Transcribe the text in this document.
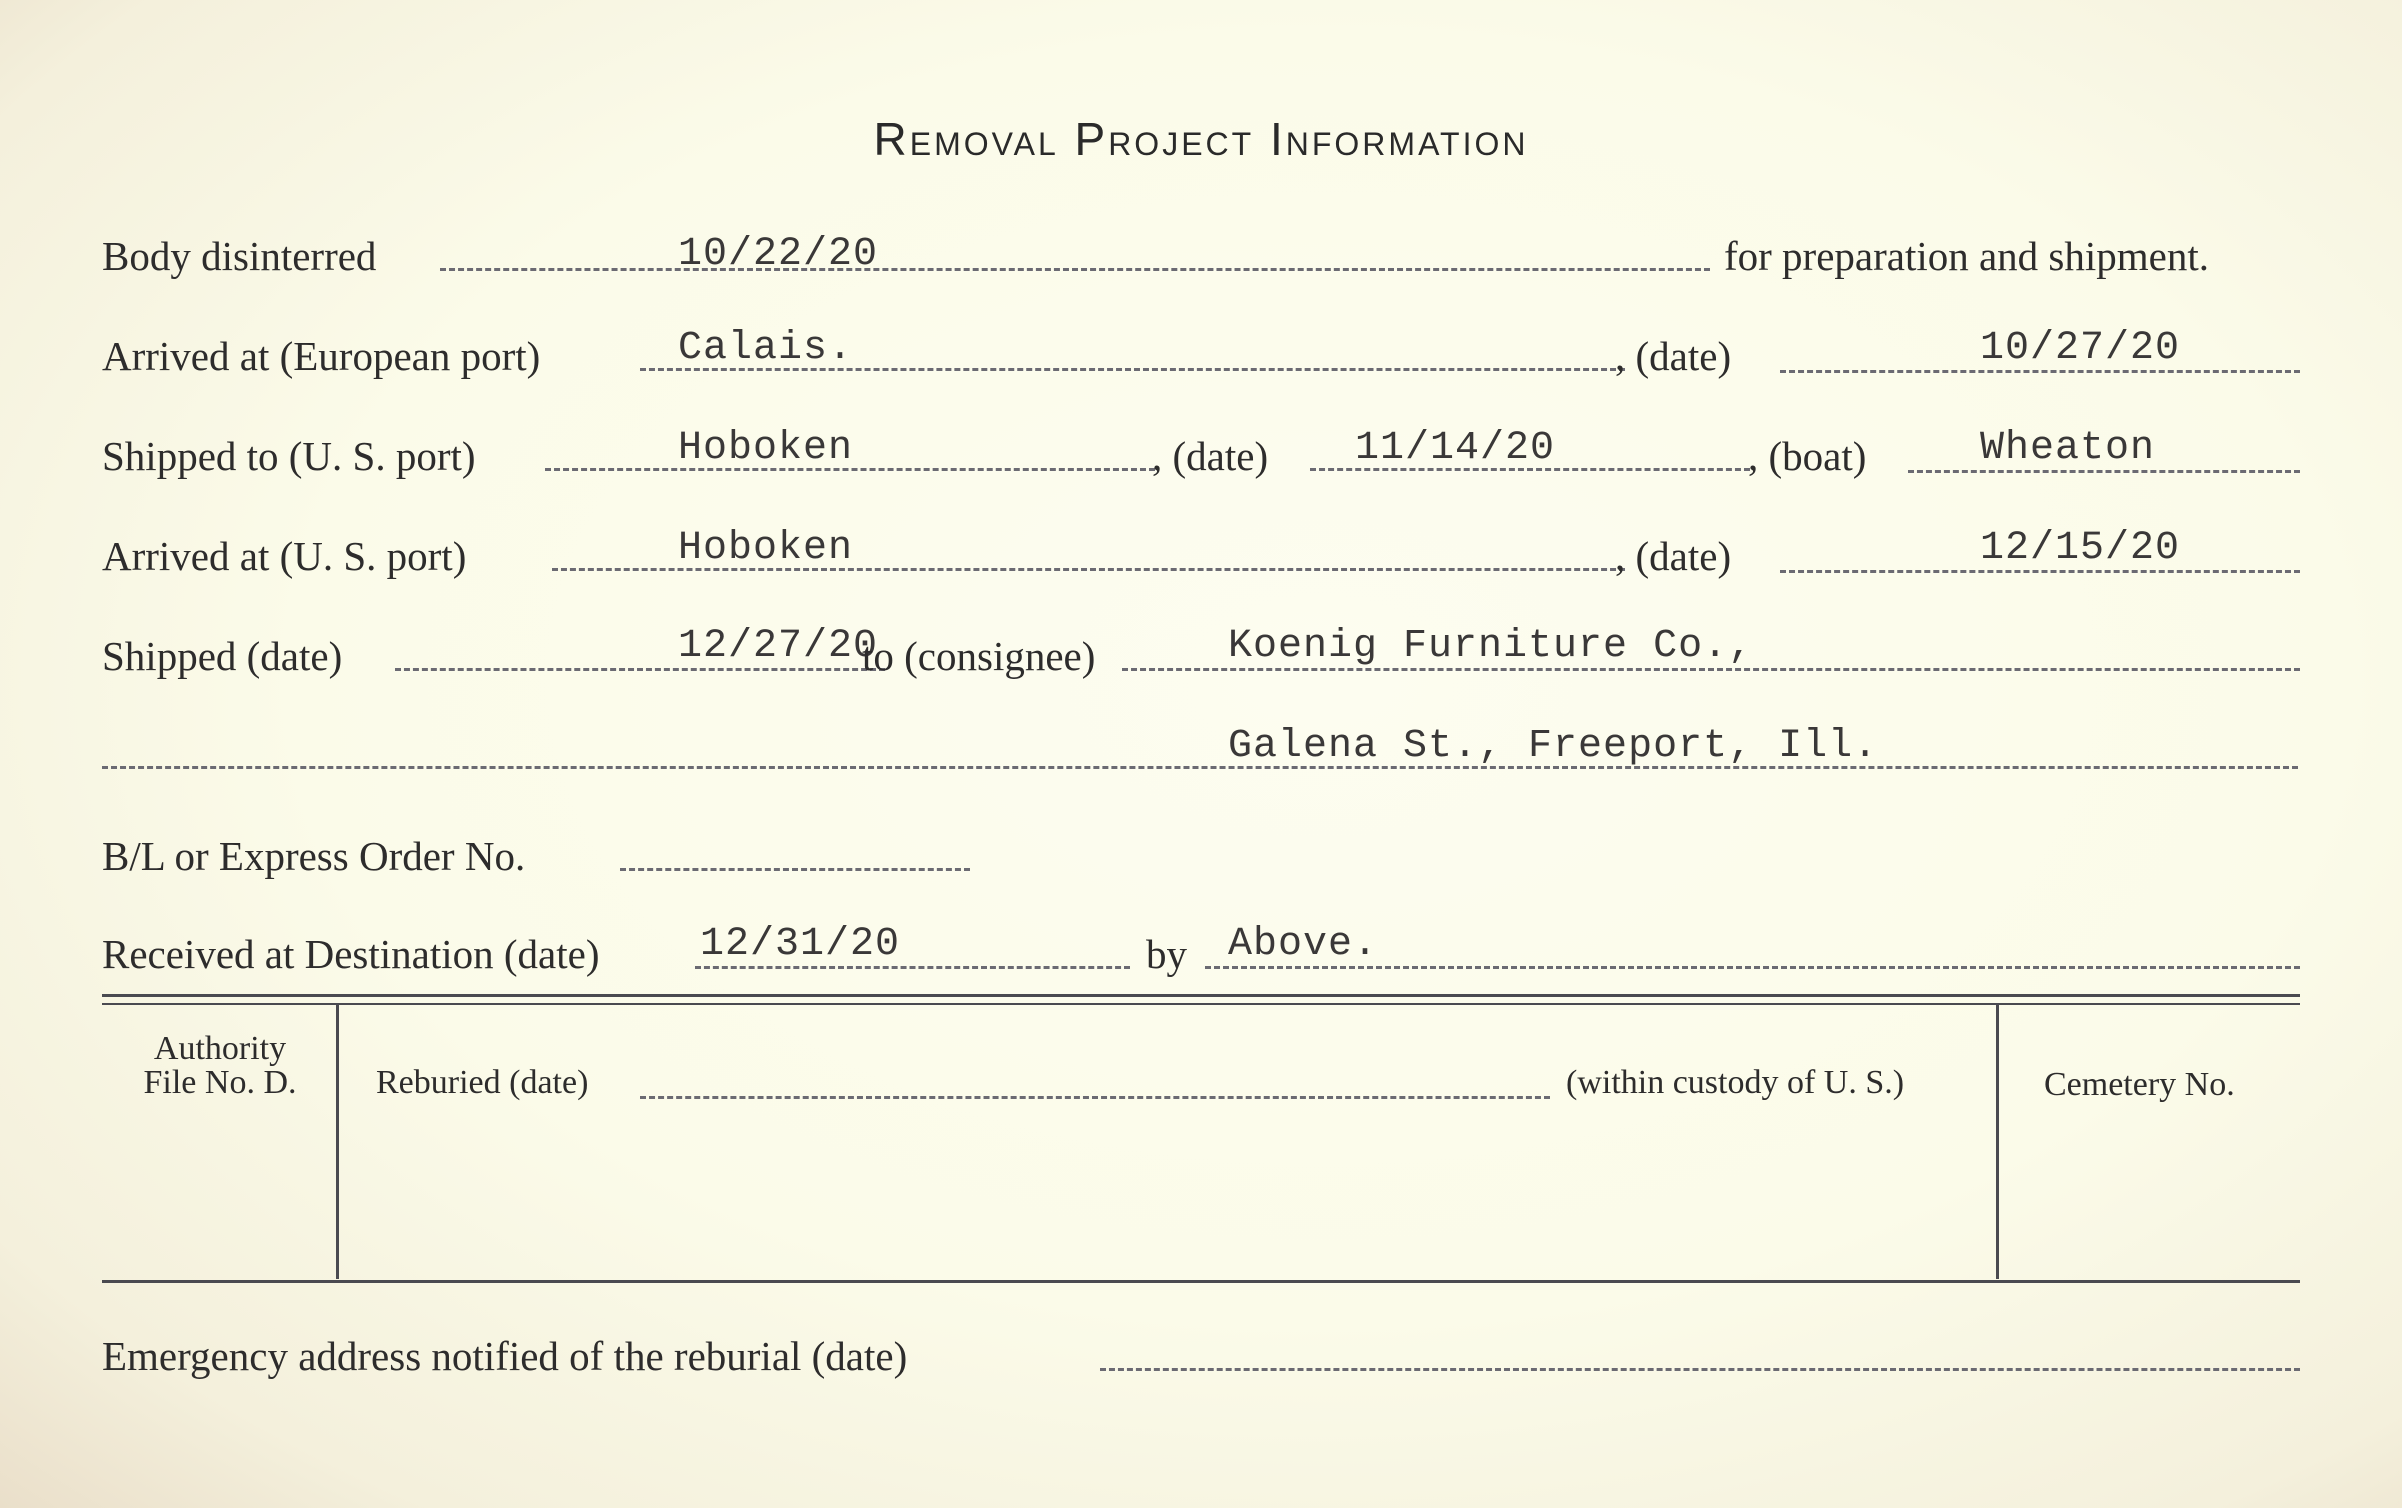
Removal Project Information
Body disinterred	10/22/20	for preparation and shipment.
Arrived at (European port)	Calais.	, (date)	10/27/20
Shipped to (U. S. port)	Hoboken	, (date) 11/14/20	, (boat)	Wheaton
Arrived at (U. S. port)	Hoboken	, (date)	12/15/20
Shipped (date)	12/27/20
to (consignee)	Koenig Furniture Co.,
Galena St., Freeport, Ill.
B/L or Express Order No.
Received at Destination (date)	12/31/20	by Above.
Authority
File No. D.	Reburied (date)	(within custody of U. S.)	Cemetery No.
Emergency address notified of the reburial (date)
